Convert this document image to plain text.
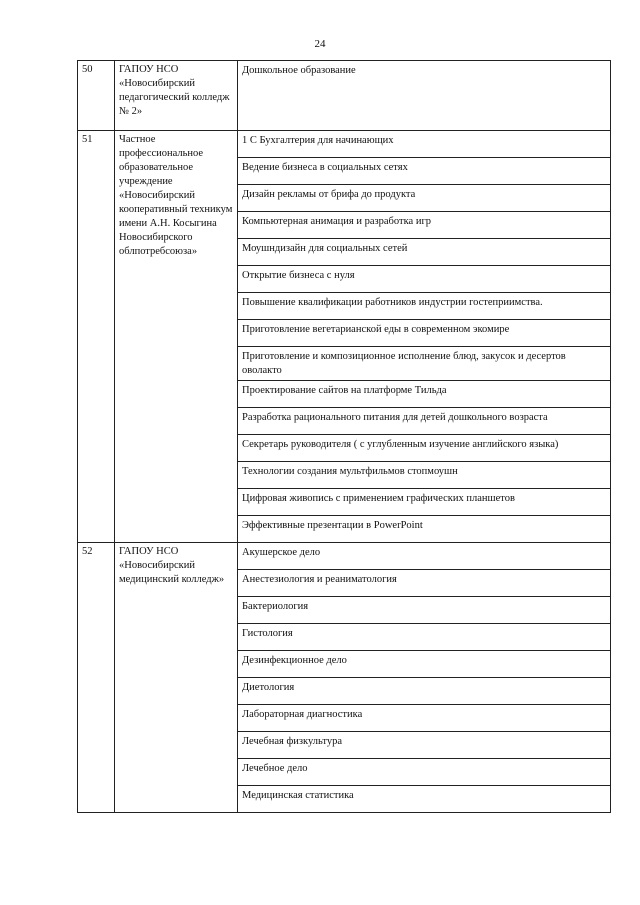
24
50	ГАПОУ НСО «Новосибирский педагогический колледж № 2»	Дошкольное образование
51	Частное профессиональное образовательное учреждение «Новосибирский кооперативный техникум имени А.Н. Косыгина Новосибирского облпотребсоюза»	1 С Бухгалтерия для начинающих
		Ведение бизнеса в социальных сетях
		Дизайн рекламы от брифа до продукта
		Компьютерная анимация и разработка игр
		Моушндизайн для социальных сетей
		Открытие бизнеса с нуля
		Повышение квалификации работников индустрии гостеприимства.
		Приготовление вегетарианской еды в современном экомире
		Приготовление и композиционное исполнение блюд, закусок и десертов оволакто
		Проектирование сайтов на платформе Тильда
		Разработка рационального питания для детей дошкольного возраста
		Секретарь руководителя ( с углубленным изучение английского языка)
		Технологии создания мультфильмов стопмоушн
		Цифровая живопись с применением графических планшетов
		Эффективные презентации в PowerPoint
52	ГАПОУ НСО «Новосибирский медицинский колледж»	Акушерское дело
		Анестезиология и реаниматология
		Бактериология
		Гистология
		Дезинфекционное дело
		Диетология
		Лабораторная диагностика
		Лечебная физкультура
		Лечебное дело
		Медицинская статистика
